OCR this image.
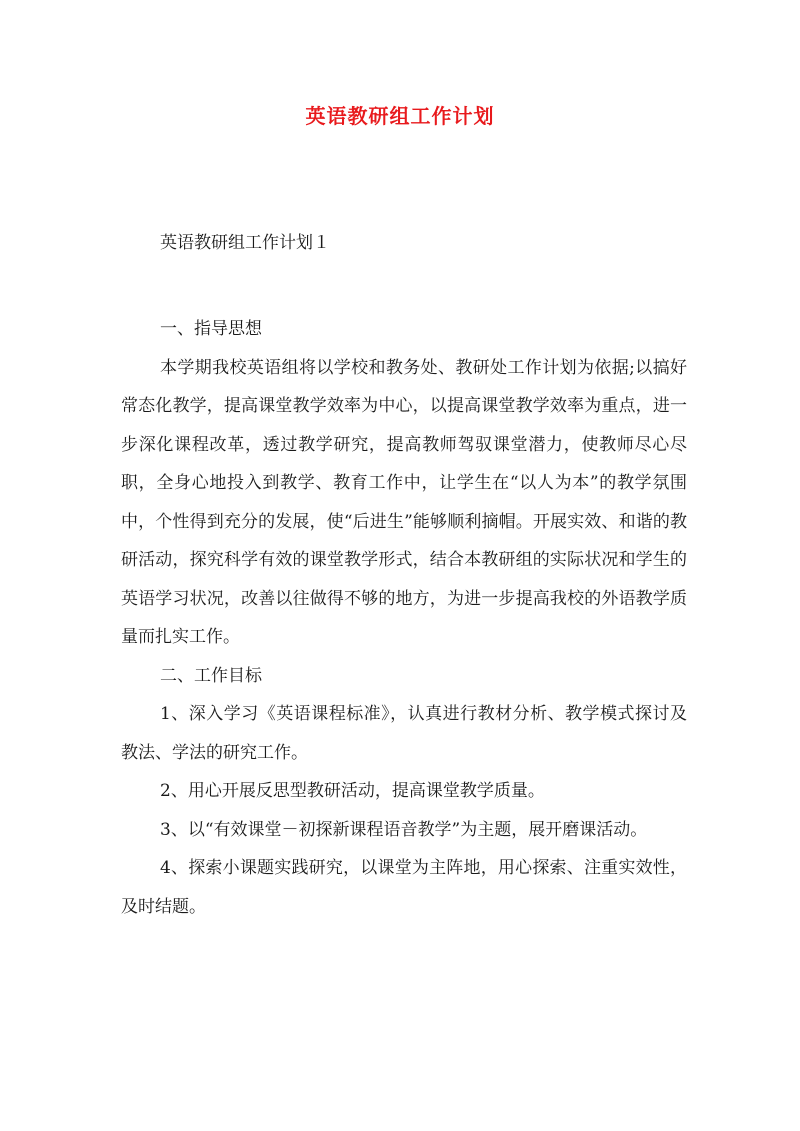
英语教研组工作计划
英语教研组工作计划１

一、指导思想

本学期我校英语组将以学校和教务处、教研处工作计划为依据;以搞好常态化教学，提高课堂教学效率为中心，以提高课堂教学效率为重点，进一步深化课程改革，透过教学研究，提高教师驾驭课堂潜力，使教师尽心尽职，全身心地投入到教学、教育工作中，让学生在“以人为本”的教学氛围中，个性得到充分的发展，使“后进生”能够顺利摘帽。开展实效、和谐的教研活动，探究科学有效的课堂教学形式，结合本教研组的实际状况和学生的英语学习状况，改善以往做得不够的地方，为进一步提高我校的外语教学质量而扎实工作。

二、工作目标

1、深入学习《英语课程标准》，认真进行教材分析、教学模式探讨及教法、学法的研究工作。

2、用心开展反思型教研活动，提高课堂教学质量。

3、以“有效课堂－初探新课程语音教学”为主题，展开磨课活动。

4、探索小课题实践研究，以课堂为主阵地，用心探索、注重实效性，及时结题。
